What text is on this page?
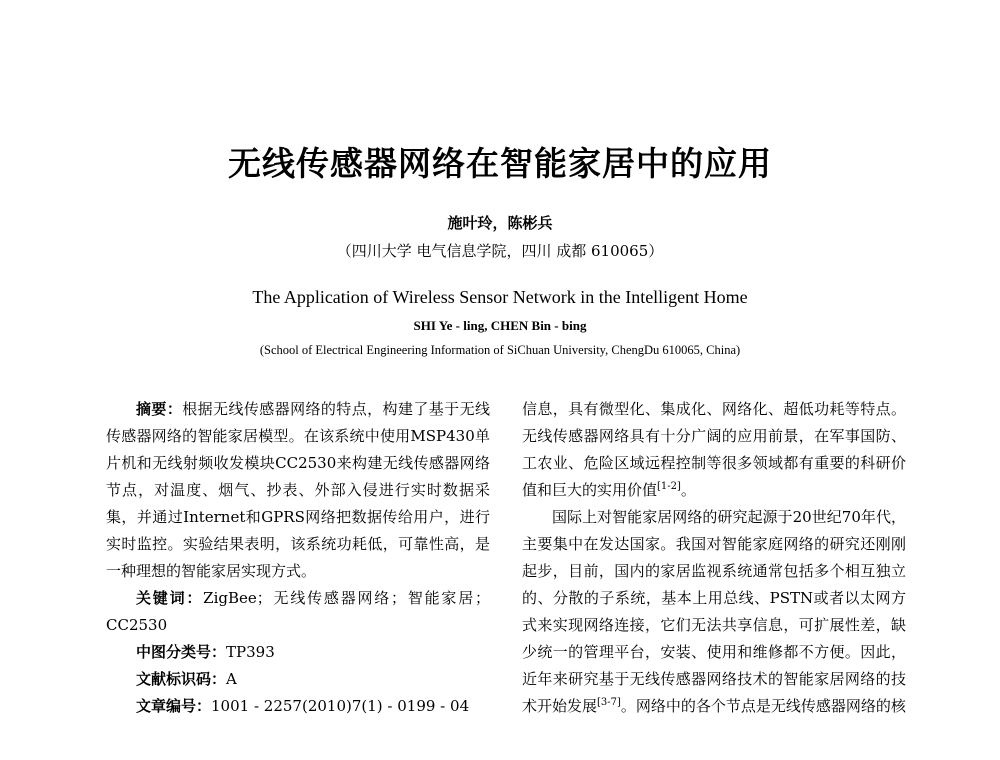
无线传感器网络在智能家居中的应用
施叶玲，陈彬兵
（四川大学 电气信息学院，四川 成都 610065）
The Application of Wireless Sensor Network in the Intelligent Home
SHI Ye - ling, CHEN Bin - bing
(School of Electrical Engineering Information of SiChuan University, ChengDu 610065, China)

摘要：根据无线传感器网络的特点，构建了基于无线传感器网络的智能家居模型。在该系统中使用MSP430单片机和无线射频收发模块CC2530来构建无线传感器网络节点，对温度、烟气、抄表、外部入侵进行实时数据采集，并通过Internet和GPRS网络把数据传给用户，进行实时监控。实验结果表明，该系统功耗低，可靠性高，是一种理想的智能家居实现方式。

关键词：ZigBee；无线传感器网络；智能家居；CC2530

中图分类号：TP393

文献标识码：A

文章编号：1001 - 2257(2010)7(1) - 0199 - 04

信息，具有微型化、集成化、网络化、超低功耗等特点。无线传感器网络具有十分广阔的应用前景，在军事国防、工农业、危险区域远程控制等很多领域都有重要的科研价值和巨大的实用价值[1-2]。

国际上对智能家居网络的研究起源于20世纪70年代，主要集中在发达国家。我国对智能家庭网络的研究还刚刚起步，目前，国内的家居监视系统通常包括多个相互独立的、分散的子系统，基本上用总线、PSTN或者以太网方式来实现网络连接，它们无法共享信息，可扩展性差，缺少统一的管理平台，安装、使用和维修都不方便。因此，近年来研究基于无线传感器网络技术的智能家居网络的技术开始发展[3-7]。网络中的各个节点是无线传感器网络的核
